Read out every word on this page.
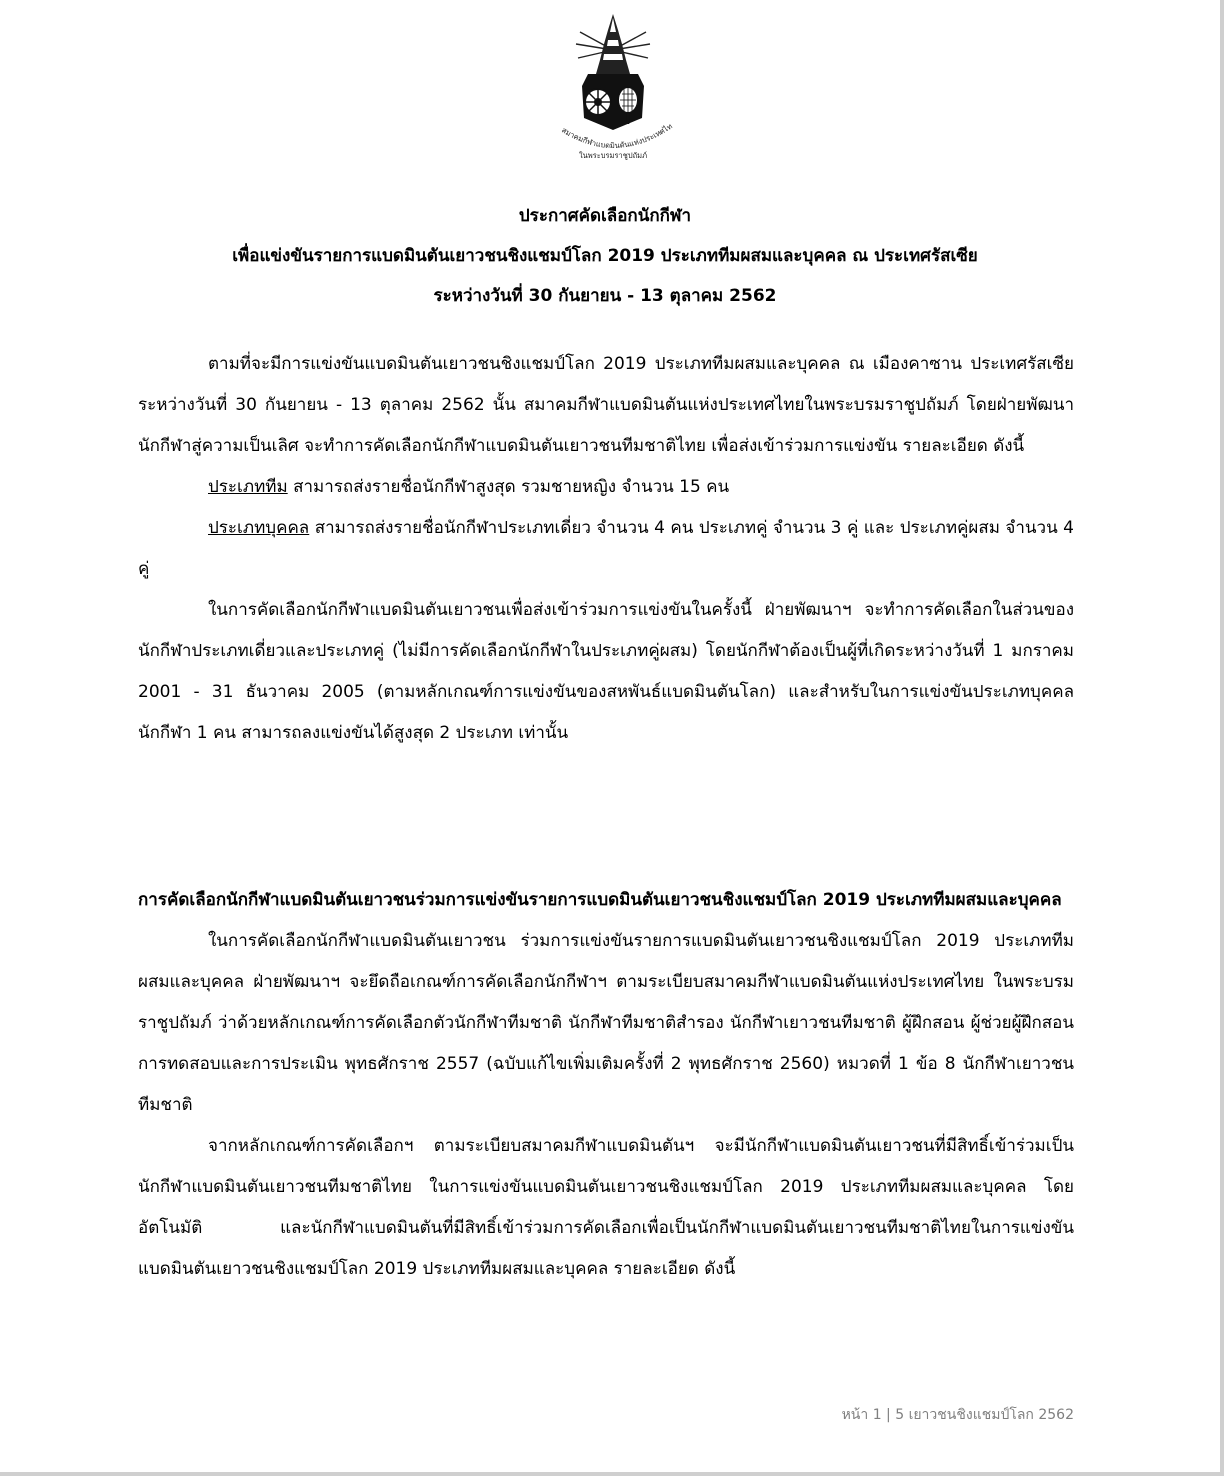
สมาคมกีฬาแบดมินตันแห่งประเทศไท
ในพระบรมราชูปถัมภ์
ประกาศคัดเลือกนักกีฬา
เพื่อแข่งขันรายการแบดมินตันเยาวชนชิงแชมป์โลก 2019 ประเภททีมผสมและบุคคล ณ ประเทศรัสเซีย
ระหว่างวันที่ 30 กันยายน - 13 ตุลาคม 2562

ตามที่จะมีการแข่งขันแบดมินตันเยาวชนชิงแชมป์โลก 2019 ประเภททีมผสมและบุคคล ณ เมืองคาซาน ประเทศรัสเซีย ระหว่างวันที่ 30 กันยายน - 13 ตุลาคม 2562 นั้น สมาคมกีฬาแบดมินตันแห่งประเทศไทยในพระบรมราชูปถัมภ์ โดยฝ่ายพัฒนานักกีฬาสู่ความเป็นเลิศ จะทำการคัดเลือกนักกีฬาแบดมินตันเยาวชนทีมชาติไทย เพื่อส่งเข้าร่วมการแข่งขัน รายละเอียด ดังนี้

ประเภททีม สามารถส่งรายชื่อนักกีฬาสูงสุด รวมชายหญิง จำนวน 15 คน

ประเภทบุคคล สามารถส่งรายชื่อนักกีฬาประเภทเดี่ยว จำนวน 4 คน ประเภทคู่ จำนวน 3 คู่ และ ประเภทคู่ผสม จำนวน 4 คู่

ในการคัดเลือกนักกีฬาแบดมินตันเยาวชนเพื่อส่งเข้าร่วมการแข่งขันในครั้งนี้ ฝ่ายพัฒนาฯ จะทำการคัดเลือกในส่วนของนักกีฬาประเภทเดี่ยวและประเภทคู่ (ไม่มีการคัดเลือกนักกีฬาในประเภทคู่ผสม) โดยนักกีฬาต้องเป็นผู้ที่เกิดระหว่างวันที่ 1 มกราคม 2001 - 31 ธันวาคม 2005 (ตามหลักเกณฑ์การแข่งขันของสหพันธ์แบดมินตันโลก) และสำหรับในการแข่งขันประเภทบุคคล นักกีฬา 1 คน สามารถลงแข่งขันได้สูงสุด 2 ประเภท เท่านั้น

การคัดเลือกนักกีฬาแบดมินตันเยาวชนร่วมการแข่งขันรายการแบดมินตันเยาวชนชิงแชมป์โลก 2019 ประเภททีมผสมและบุคคล

ในการคัดเลือกนักกีฬาแบดมินตันเยาวชน ร่วมการแข่งขันรายการแบดมินตันเยาวชนชิงแชมป์โลก 2019 ประเภททีมผสมและบุคคล ฝ่ายพัฒนาฯ จะยึดถือเกณฑ์การคัดเลือกนักกีฬาฯ ตามระเบียบสมาคมกีฬาแบดมินตันแห่งประเทศไทย ในพระบรมราชูปถัมภ์ ว่าด้วยหลักเกณฑ์การคัดเลือกตัวนักกีฬาทีมชาติ นักกีฬาทีมชาติสำรอง นักกีฬาเยาวชนทีมชาติ ผู้ฝึกสอน ผู้ช่วยผู้ฝึกสอน การทดสอบและการประเมิน พุทธศักราช 2557 (ฉบับแก้ไขเพิ่มเติมครั้งที่ 2 พุทธศักราช 2560) หมวดที่ 1 ข้อ 8 นักกีฬาเยาวชนทีมชาติ

จากหลักเกณฑ์การคัดเลือกฯ ตามระเบียบสมาคมกีฬาแบดมินตันฯ จะมีนักกีฬาแบดมินตันเยาวชนที่มีสิทธิ์เข้าร่วมเป็นนักกีฬาแบดมินตันเยาวชนทีมชาติไทย ในการแข่งขันแบดมินตันเยาวชนชิงแชมป์โลก 2019 ประเภททีมผสมและบุคคล โดยอัตโนมัติ และนักกีฬาแบดมินตันที่มีสิทธิ์เข้าร่วมการคัดเลือกเพื่อเป็นนักกีฬาแบดมินตันเยาวชนทีมชาติไทยในการแข่งขันแบดมินตันเยาวชนชิงแชมป์โลก 2019 ประเภททีมผสมและบุคคล รายละเอียด ดังนี้

หน้า 1 | 5 เยาวชนชิงแชมป์โลก 2562
